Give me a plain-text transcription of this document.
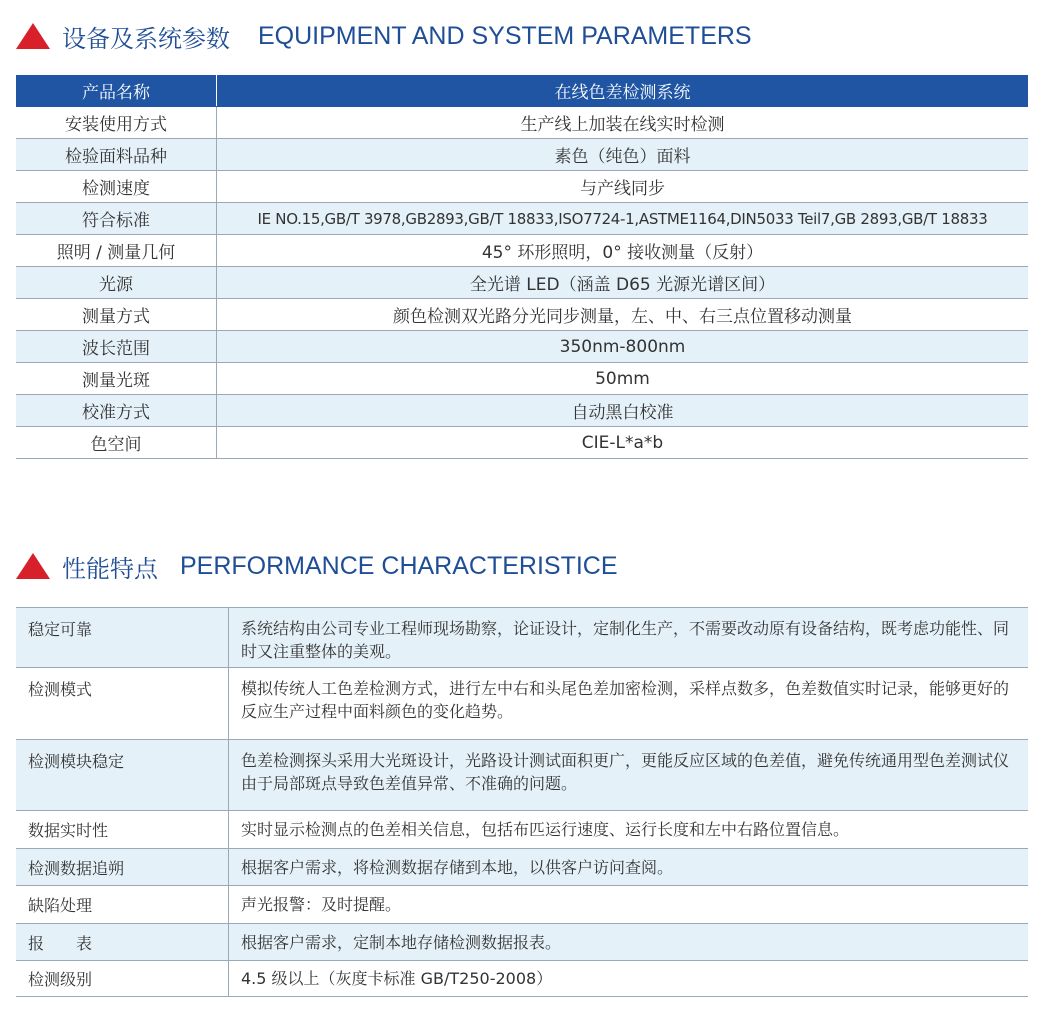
设备及系统参数 EQUIPMENT AND SYSTEM PARAMETERS
产品名称	在线色差检测系统
安装使用方式	生产线上加装在线实时检测
检验面料品种	素色（纯色）面料
检测速度	与产线同步
符合标准	IE NO.15,GB/T 3978,GB2893,GB/T 18833,ISO7724-1,ASTME1164,DIN5033 Teil7,GB 2893,GB/T 18833
照明 / 测量几何	45° 环形照明，0° 接收测量（反射）
光源	全光谱 LED（涵盖 D65 光源光谱区间）
测量方式	颜色检测双光路分光同步测量，左、中、右三点位置移动测量
波长范围	350nm-800nm
测量光斑	50mm
校准方式	自动黑白校准
色空间	CIE-L*a*b
性能特点 PERFORMANCE CHARACTERISTICE
稳定可靠	系统结构由公司专业工程师现场勘察，论证设计，定制化生产，不需要改动原有设备结构，既考虑功能性、同时又注重整体的美观。
检测模式	模拟传统人工色差检测方式，进行左中右和头尾色差加密检测，采样点数多，色差数值实时记录，能够更好的反应生产过程中面料颜色的变化趋势。
检测模块稳定	色差检测探头采用大光斑设计，光路设计测试面积更广，更能反应区域的色差值，避免传统通用型色差测试仪由于局部斑点导致色差值异常、不准确的问题。
数据实时性	实时显示检测点的色差相关信息，包括布匹运行速度、运行长度和左中右路位置信息。
检测数据追朔	根据客户需求，将检测数据存储到本地，以供客户访问查阅。
缺陷处理	声光报警：及时提醒。
报　　表	根据客户需求，定制本地存储检测数据报表。
检测级别	4.5 级以上（灰度卡标准 GB/T250-2008）
